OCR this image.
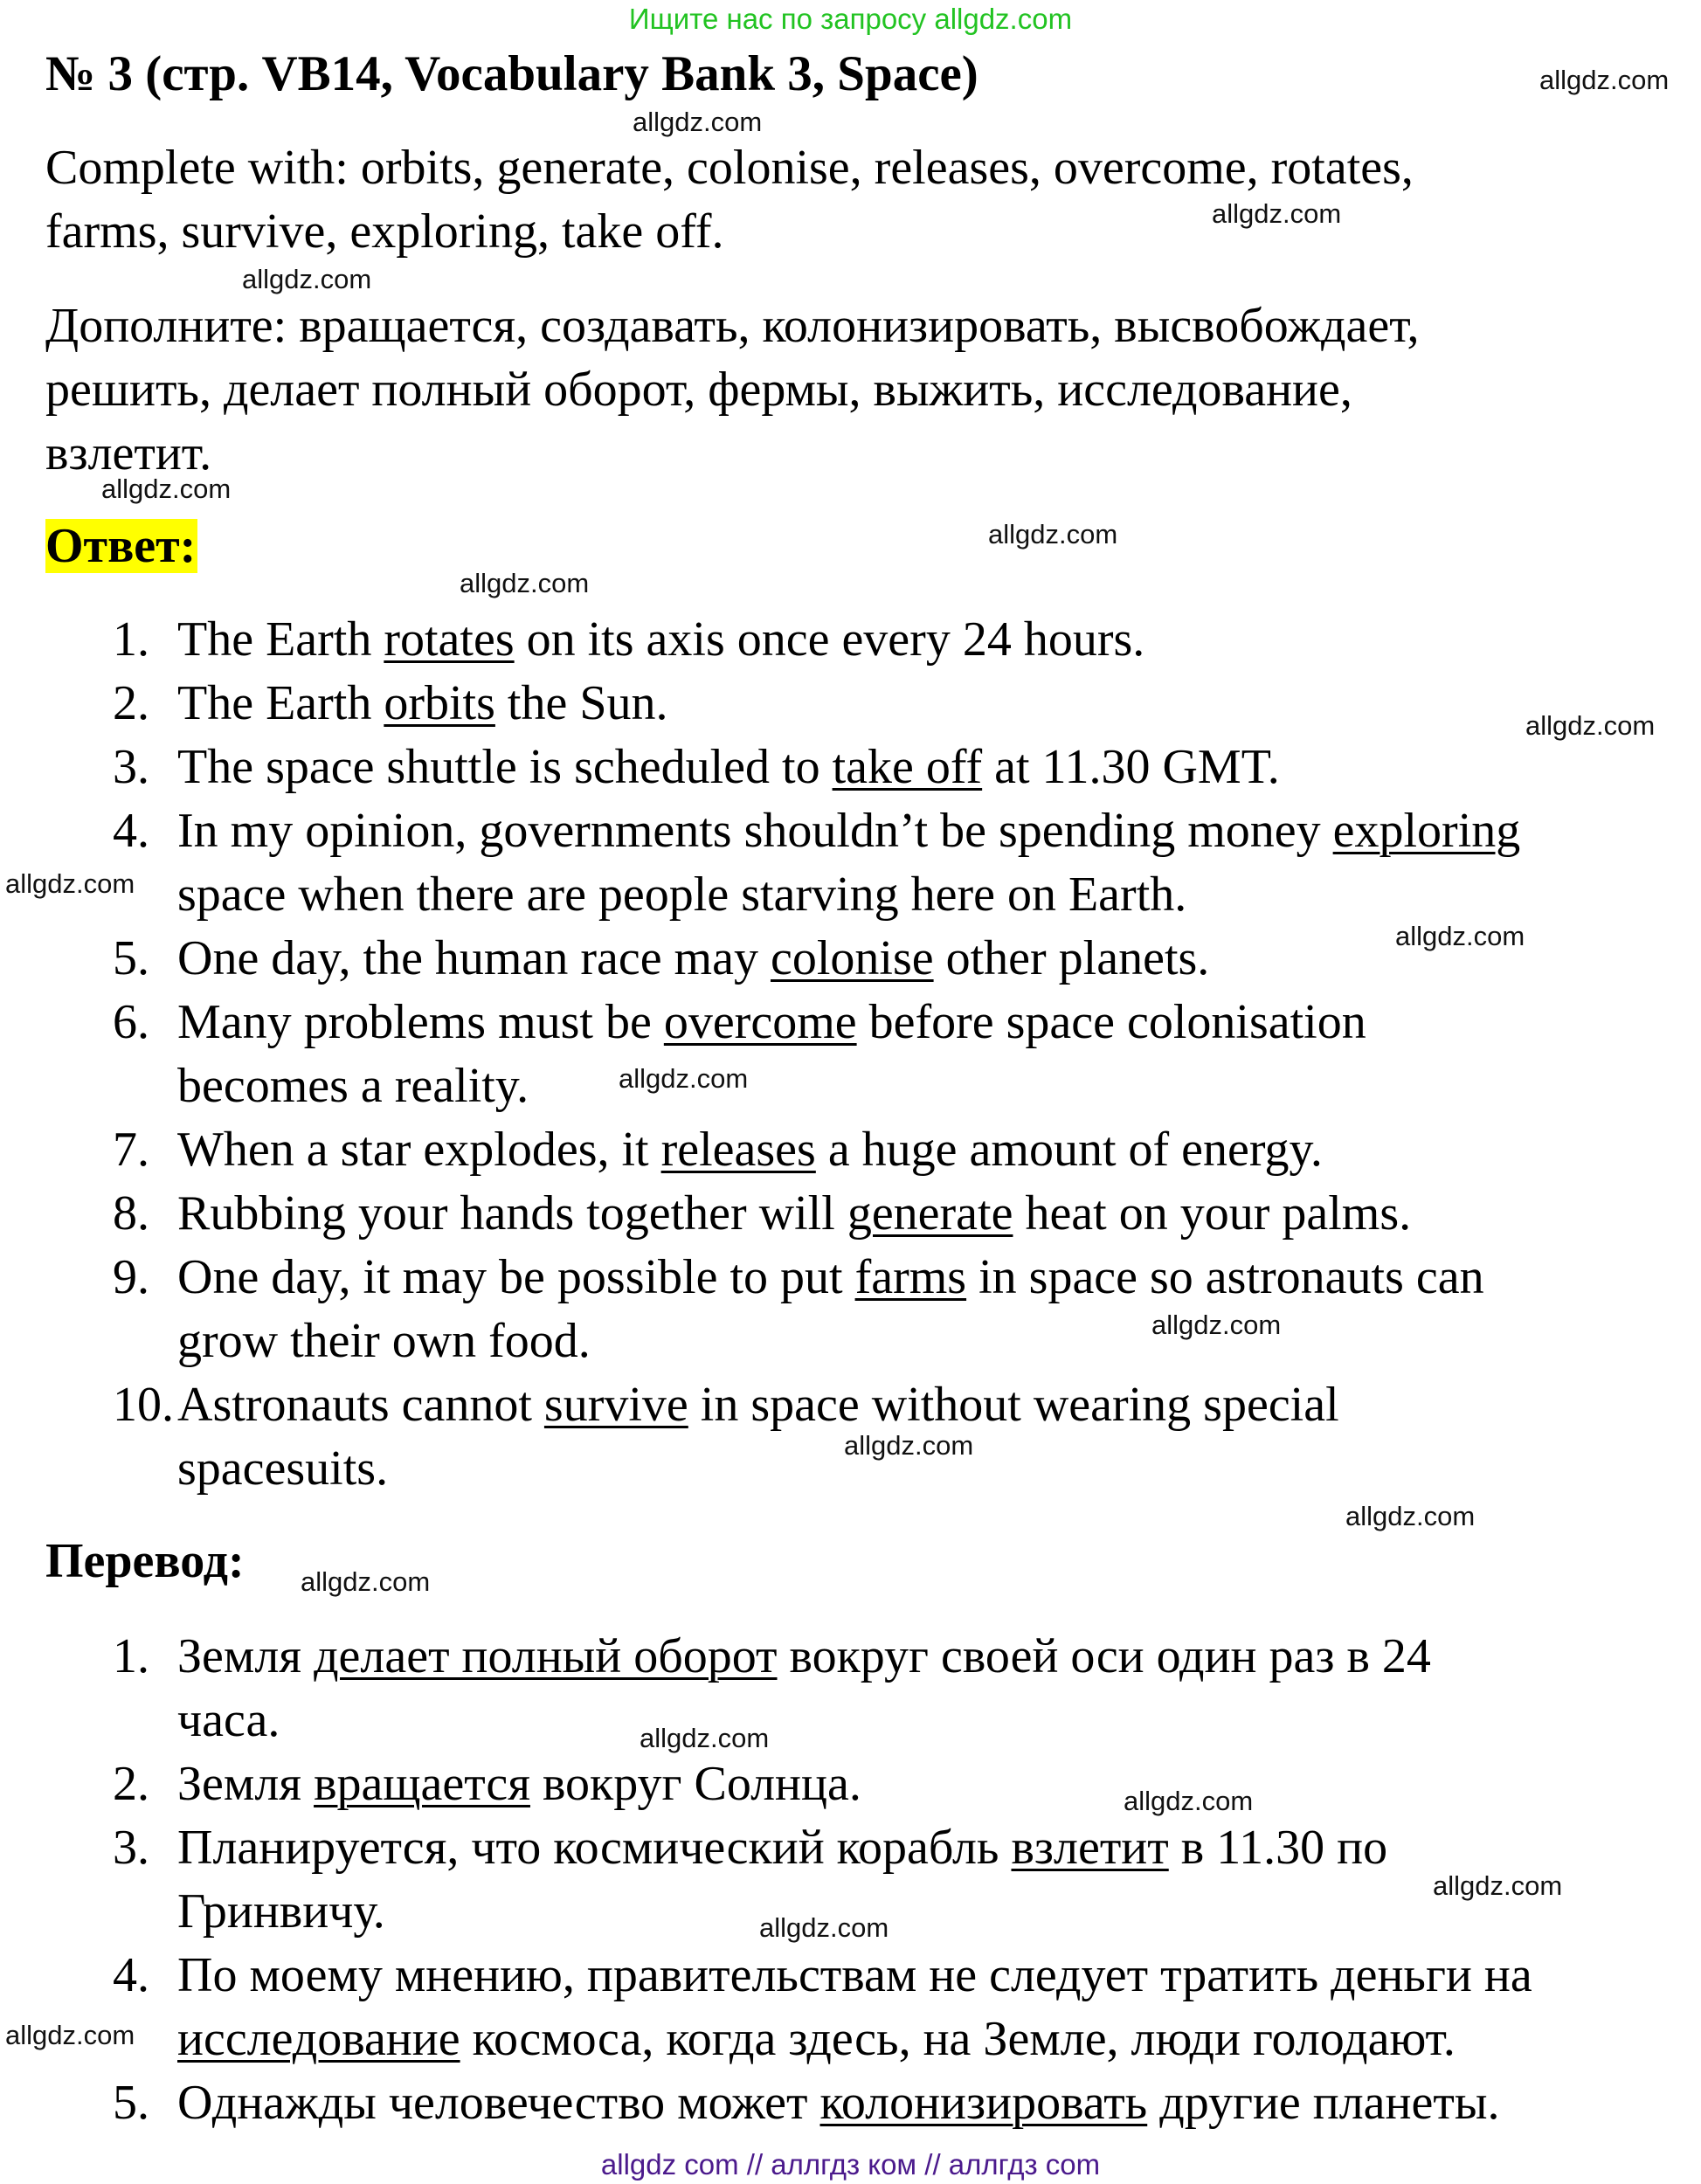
Ищите нас по запросу allgdz.com
№ 3 (стр. VB14, Vocabulary Bank 3, Space)
Complete with: orbits, generate, colonise, releases, overcome, rotates,
farms, survive, exploring, take off.
Дополните: вращается, создавать, колонизировать, высвобождает,
решить, делает полный оборот, фермы, выжить, исследование,
взлетит.
Ответ:
1. The Earth rotates on its axis once every 24 hours.
2. The Earth orbits the Sun.
3. The space shuttle is scheduled to take off at 11.30 GMT.
4. In my opinion, governments shouldn’t be spending money exploring
space when there are people starving here on Earth.
5. One day, the human race may colonise other planets.
6. Many problems must be overcome before space colonisation
becomes a reality.
7. When a star explodes, it releases a huge amount of energy.
8. Rubbing your hands together will generate heat on your palms.
9. One day, it may be possible to put farms in space so astronauts can
grow their own food.
10. Astronauts cannot survive in space without wearing special
spacesuits.
Перевод:
1. Земля делает полный оборот вокруг своей оси один раз в 24
часа.
2. Земля вращается вокруг Солнца.
3. Планируется, что космический корабль взлетит в 11.30 по
Гринвичу.
4. По моему мнению, правительствам не следует тратить деньги на
исследование космоса, когда здесь, на Земле, люди голодают.
5. Однажды человечество может колонизировать другие планеты.
allgdz.com
allgdz.com
allgdz.com
allgdz.com
allgdz.com
allgdz.com
allgdz.com
allgdz.com
allgdz.com
allgdz.com
allgdz.com
allgdz.com
allgdz.com
allgdz.com
allgdz.com
allgdz.com
allgdz.com
allgdz.com
allgdz.com
allgdz.com
allgdz com // аллгдз ком // аллгдз com
